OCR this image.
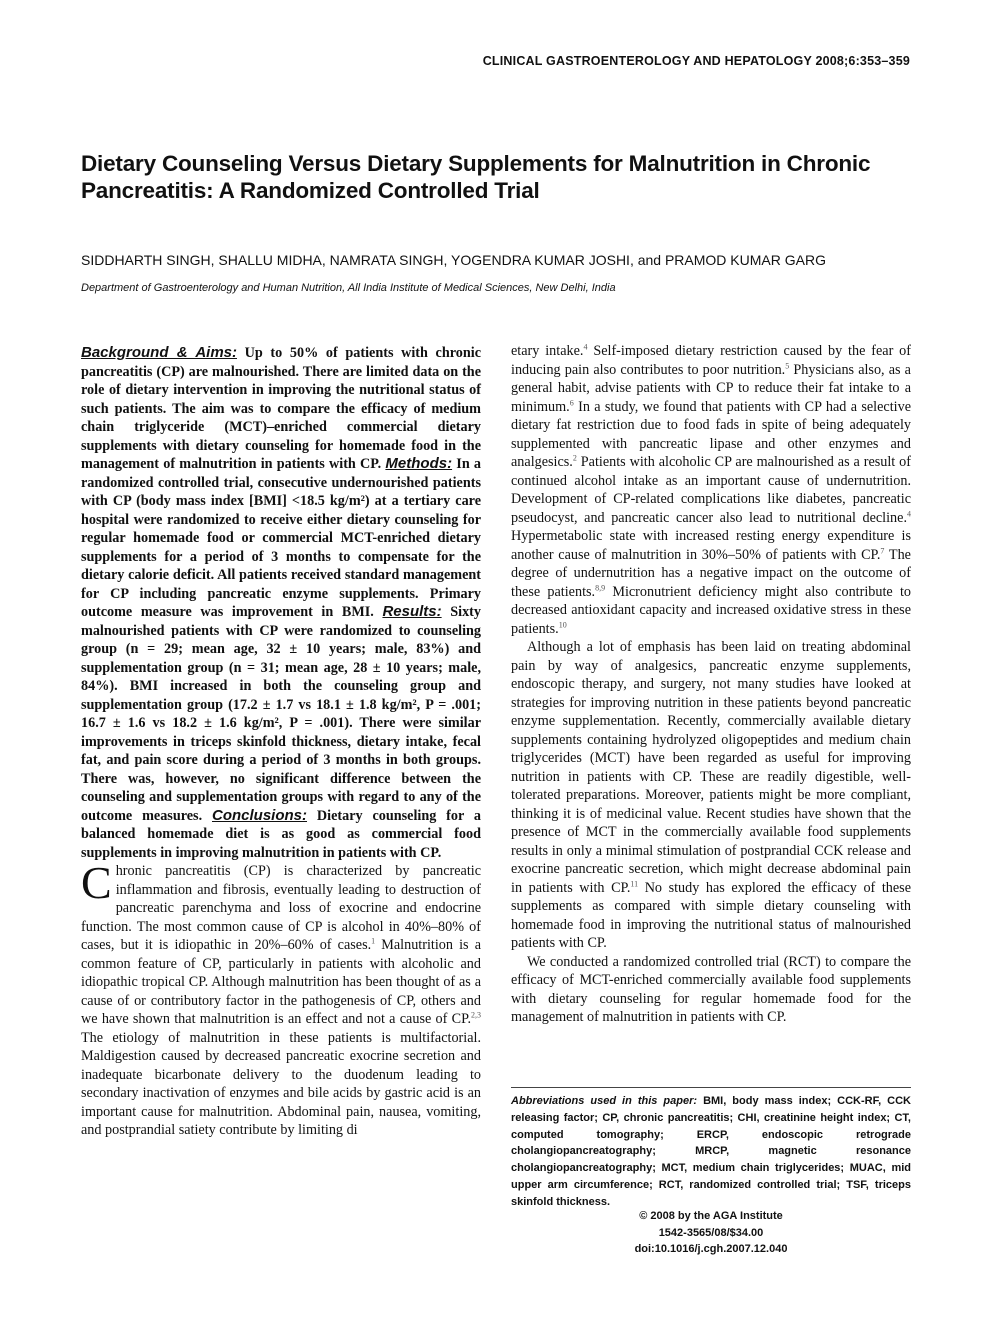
CLINICAL GASTROENTEROLOGY AND HEPATOLOGY 2008;6:353–359
Dietary Counseling Versus Dietary Supplements for Malnutrition in Chronic Pancreatitis: A Randomized Controlled Trial
SIDDHARTH SINGH, SHALLU MIDHA, NAMRATA SINGH, YOGENDRA KUMAR JOSHI, and PRAMOD KUMAR GARG
Department of Gastroenterology and Human Nutrition, All India Institute of Medical Sciences, New Delhi, India

Background & Aims: Up to 50% of patients with chronic pancreatitis (CP) are malnourished. There are limited data on the role of dietary intervention in improving the nutritional status of such patients. The aim was to compare the efficacy of medium chain triglyceride (MCT)–enriched commercial dietary supplements with dietary counseling for homemade food in the management of malnutrition in patients with CP. Methods: In a randomized controlled trial, consecutive undernourished patients with CP (body mass index [BMI] <18.5 kg/m²) at a tertiary care hospital were randomized to receive either dietary counseling for regular homemade food or commercial MCT-enriched dietary supplements for a period of 3 months to compensate for the dietary calorie deficit. All patients received standard management for CP including pancreatic enzyme supplements. Primary outcome measure was improvement in BMI. Results: Sixty malnourished patients with CP were randomized to counseling group (n = 29; mean age, 32 ± 10 years; male, 83%) and supplementation group (n = 31; mean age, 28 ± 10 years; male, 84%). BMI increased in both the counseling group and supplementation group (17.2 ± 1.7 vs 18.1 ± 1.8 kg/m², P = .001; 16.7 ± 1.6 vs 18.2 ± 1.6 kg/m², P = .001). There were similar improvements in triceps skinfold thickness, dietary intake, fecal fat, and pain score during a period of 3 months in both groups. There was, however, no significant difference between the counseling and supplementation groups with regard to any of the outcome measures. Conclusions: Dietary counseling for a balanced homemade diet is as good as commercial food supplements in improving malnutrition in patients with CP.

Chronic pancreatitis (CP) is characterized by pancreatic inflammation and fibrosis, eventually leading to destruction of pancreatic parenchyma and loss of exocrine and endocrine function. The most common cause of CP is alcohol in 40%–80% of cases, but it is idiopathic in 20%–60% of cases.$^1$ Malnutrition is a common feature of CP, particularly in patients with alcoholic and idiopathic tropical CP. Although malnutrition has been thought of as a cause of or contributory factor in the pathogenesis of CP, others and we have shown that malnutrition is an effect and not a cause of CP.$^{2,3}$ The etiology of malnutrition in these patients is multifactorial. Maldigestion caused by decreased pancreatic exocrine secretion and inadequate bicarbonate delivery to the duodenum leading to secondary inactivation of enzymes and bile acids by gastric acid is an important cause for malnutrition. Abdominal pain, nausea, vomiting, and postprandial satiety contribute by limiting di

etary intake.$^4$ Self-imposed dietary restriction caused by the fear of inducing pain also contributes to poor nutrition.$^5$ Physicians also, as a general habit, advise patients with CP to reduce their fat intake to a minimum.$^6$ In a study, we found that patients with CP had a selective dietary fat restriction due to food fads in spite of being adequately supplemented with pancreatic lipase and other enzymes and analgesics.$^2$ Patients with alcoholic CP are malnourished as a result of continued alcohol intake as an important cause of undernutrition. Development of CP-related complications like diabetes, pancreatic pseudocyst, and pancreatic cancer also lead to nutritional decline.$^4$ Hypermetabolic state with increased resting energy expenditure is another cause of malnutrition in 30%–50% of patients with CP.$^7$ The degree of undernutrition has a negative impact on the outcome of these patients.$^{8,9}$ Micronutrient deficiency might also contribute to decreased antioxidant capacity and increased oxidative stress in these patients.$^{10}$

Although a lot of emphasis has been laid on treating abdominal pain by way of analgesics, pancreatic enzyme supplements, endoscopic therapy, and surgery, not many studies have looked at strategies for improving nutrition in these patients beyond pancreatic enzyme supplementation. Recently, commercially available dietary supplements containing hydrolyzed oligopeptides and medium chain triglycerides (MCT) have been regarded as useful for improving nutrition in patients with CP. These are readily digestible, well-tolerated preparations. Moreover, patients might be more compliant, thinking it is of medicinal value. Recent studies have shown that the presence of MCT in the commercially available food supplements results in only a minimal stimulation of postprandial CCK release and exocrine pancreatic secretion, which might decrease abdominal pain in patients with CP.$^{11}$ No study has explored the efficacy of these supplements as compared with simple dietary counseling with homemade food in improving the nutritional status of malnourished patients with CP.

We conducted a randomized controlled trial (RCT) to compare the efficacy of MCT-enriched commercially available food supplements with dietary counseling for regular homemade food for the management of malnutrition in patients with CP.

Abbreviations used in this paper: BMI, body mass index; CCK-RF, CCK releasing factor; CP, chronic pancreatitis; CHI, creatinine height index; CT, computed tomography; ERCP, endoscopic retrograde cholangiopancreatography; MRCP, magnetic resonance cholangiopancreatography; MCT, medium chain triglycerides; MUAC, mid upper arm circumference; RCT, randomized controlled trial; TSF, triceps skinfold thickness.
© 2008 by the AGA Institute
1542-3565/08/$34.00
doi:10.1016/j.cgh.2007.12.040
